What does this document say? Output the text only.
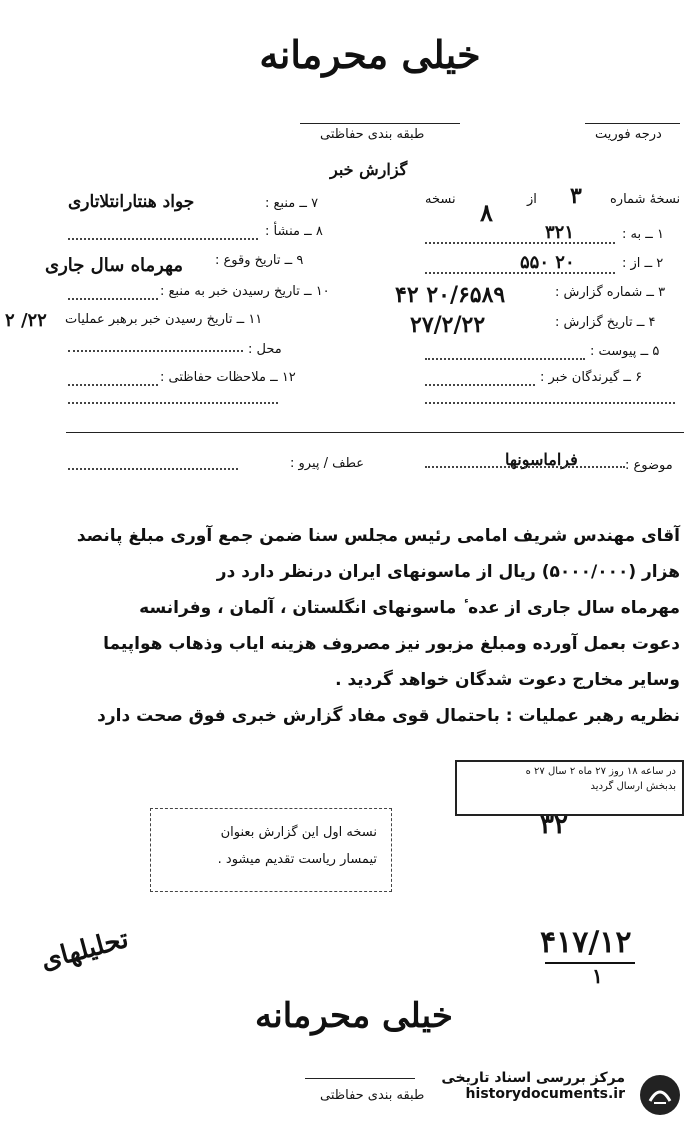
خیلی محرمانه
طبقه بندی حفاظتی	درجه فوریت
گزارش خبر
نسخهٔ شماره
۳
از
۸
نسخه
۱ ــ به :
۳۲۱
۲ ــ از :
۲۰ ۵۵۰
۳ ــ شماره گزارش :
۲۰/۶۵۸۹ ۴۲
۴ ــ تاریخ گزارش :
۲۷/۲/۲۲
۵ ــ پیوست :
۶ ــ گیرندگان خبر :
۷ ــ منبع :
جواد هنتارانتلاتاری
۸ ــ منشأ :
۹ ــ تاریخ وقوع :
مهرماه سال جاری
۱۰ ــ تاریخ رسیدن خبر به منبع :
۱۱ ــ تاریخ رسیدن خبر برهبر عملیات
۲۲/ ۲
محل :
۱۲ ــ ملاحظات حفاظتی :
موضوع :
فراماسونها
عطف / پیرو :
آقای مهندس شریف امامی رئیس مجلس سنا ضمن جمع آوری مبلغ پانصد
هزار (۵۰۰۰/۰۰۰) ریال از ماسونهای ایران درنظر دارد در
مهرماه سال جاری از عده ٔ ماسونهای انگلستان ، آلمان ، وفرانسه
دعوت بعمل آورده ومبلغ مزبور نیز مصروف هزینه ایاب وذهاب هواپیما
وسایر مخارج دعوت شدگان خواهد گردید .
نظریه رهبر عملیات : باحتمال قوی مفاد گزارش خبری فوق صحت دارد
در ساعه ۱۸ روز ۲۷ ماه ۲ سال ۲۷ ه
بدبخش ارسال گردید
۳۲
نسخه اول این گزارش بعنوان
تیمسار ریاست تقدیم میشود .
تحلیلهای	۴۱۷/۱۲
۱
خیلی محرمانه
طبقه بندی حفاظتی
مرکز بررسی اسناد تاریخی
historydocuments.ir
